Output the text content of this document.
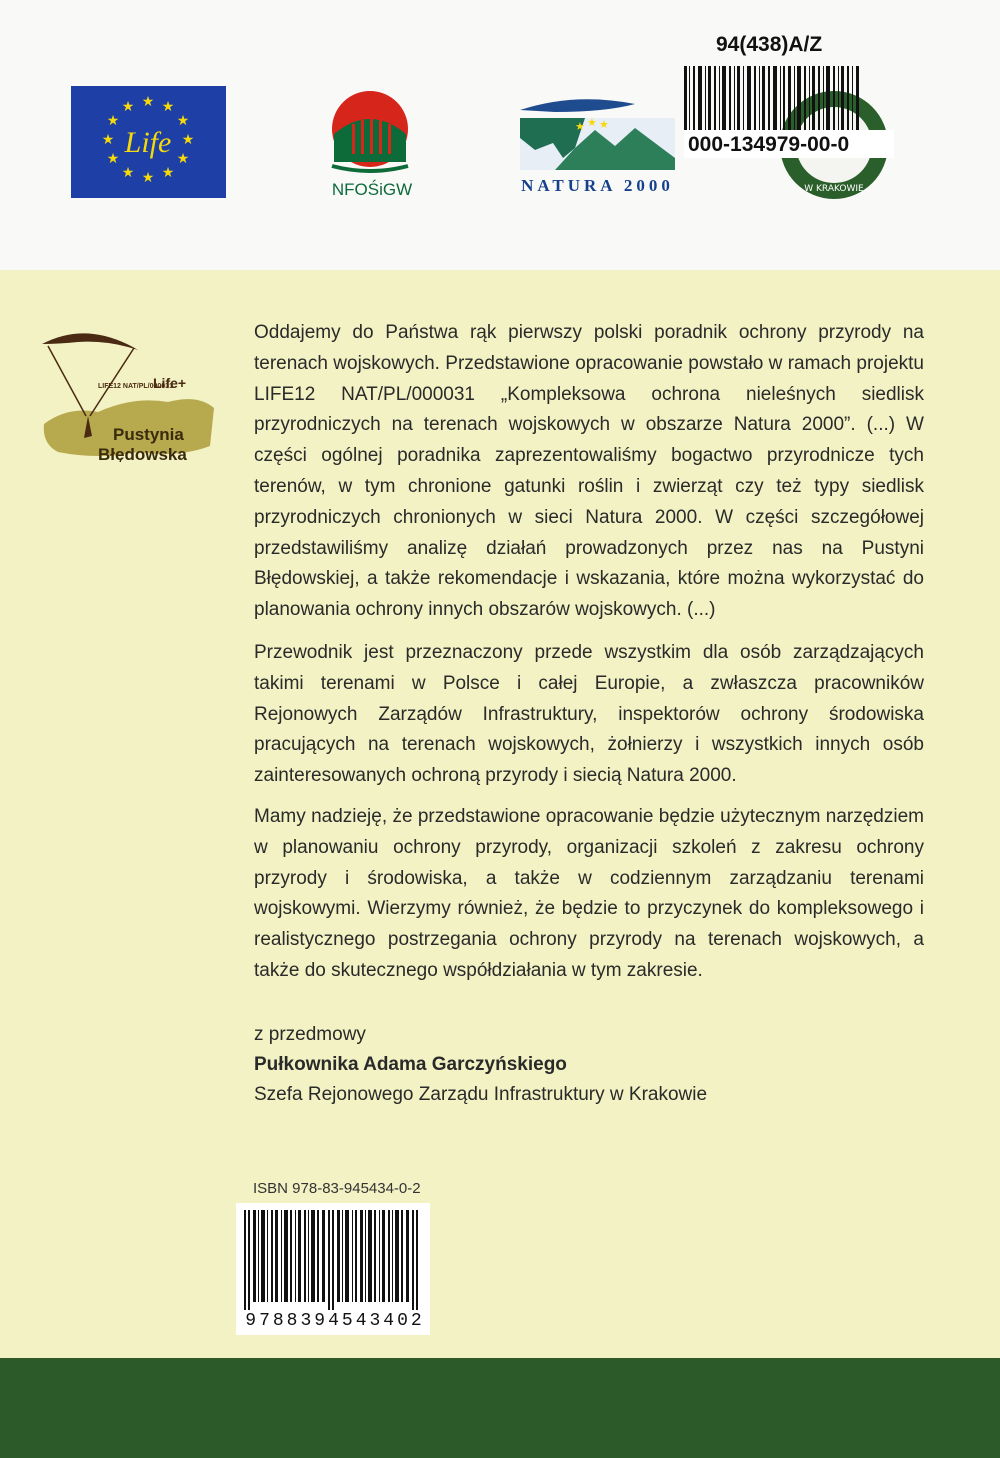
★ ★
★
★
★
★
★
★
★
★
★
★
Life
NFOŚiGW
★ ★ ★
NATURA 2000	W KRAKOWIE
94(438)A/Z
000-134979-00-0
LIFE12 NAT/PL/000031
Life+
Pustynia
Błędowska

Oddajemy do Państwa rąk pierwszy polski poradnik ochrony przyrody na terenach wojskowych. Przedstawione opracowanie powstało w ramach projektu LIFE12 NAT/PL/000031 „Kompleksowa ochrona nieleśnych siedlisk przyrodniczych na terenach wojskowych w obszarze Natura 2000”. (...) W części ogólnej poradnika zaprezentowaliśmy bogactwo przyrodnicze tych terenów, w tym chronione gatunki roślin i zwierząt czy też typy siedlisk przyrodniczych chronionych w sieci Natura 2000. W części szczegółowej przedstawiliśmy analizę działań prowadzonych przez nas na Pustyni Błędowskiej, a także rekomendacje i wskazania, które można wykorzystać do planowania ochrony innych obszarów wojskowych. (...)

Przewodnik jest przeznaczony przede wszystkim dla osób zarządzających takimi terenami w Polsce i całej Europie, a zwłaszcza pracowników Rejonowych Zarządów Infrastruktury, inspektorów ochrony środowiska pracujących na terenach wojskowych, żołnierzy i wszystkich innych osób zainteresowanych ochroną przyrody i siecią Natura 2000.

Mamy nadzieję, że przedstawione opracowanie będzie użytecznym narzędziem w planowaniu ochrony przyrody, organizacji szkoleń z zakresu ochrony przyrody i środowiska, a także w codziennym zarządzaniu terenami wojskowymi. Wierzymy również, że będzie to przyczynek do kompleksowego i realistycznego postrzegania ochrony przyrody na terenach wojskowych, a także do skutecznego współdziałania w tym zakresie.

z przedmowy
Pułkownika Adama Garczyńskiego
Szefa Rejonowego Zarządu Infrastruktury w Krakowie
ISBN 978-83-945434-0-2
9788394543402
